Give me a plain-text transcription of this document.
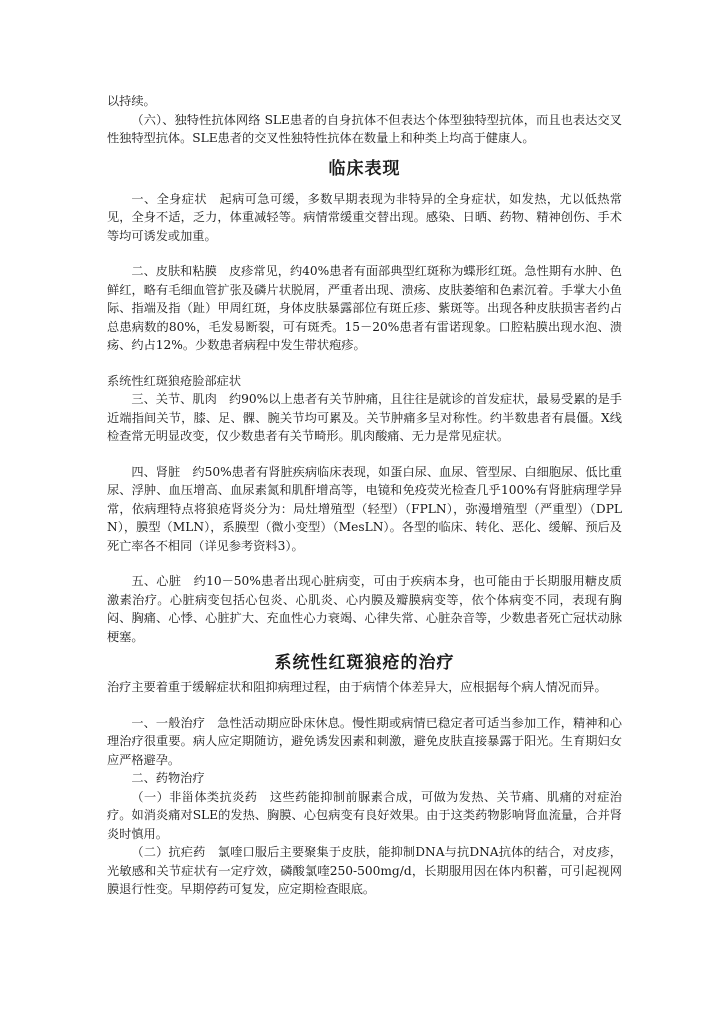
以持续。

（六）、独特性抗体网络 SLE患者的自身抗体不但表达个体型独特型抗体，而且也表达交叉性独特型抗体。SLE患者的交叉性独特性抗体在数量上和种类上均高于健康人。

临床表现

一、全身症状　起病可急可缓，多数早期表现为非特异的全身症状，如发热，尤以低热常见，全身不适，乏力，体重减轻等。病情常缓重交替出现。感染、日晒、药物、精神创伤、手术等均可诱发或加重。

二、皮肤和粘膜　皮疹常见，约40%患者有面部典型红斑称为蝶形红斑。急性期有水肿、色鲜红，略有毛细血管扩张及磷片状脱屑，严重者出现、溃疡、皮肤萎缩和色素沉着。手掌大小鱼际、指端及指（趾）甲周红斑，身体皮肤暴露部位有斑丘疹、紫斑等。出现各种皮肤损害者约占总患病数的80%，毛发易断裂，可有斑秃。15－20%患者有雷诺现象。口腔粘膜出现水泡、溃疡、约占12%。少数患者病程中发生带状疱疹。

系统性红斑狼疮脸部症状

三、关节、肌肉　约90%以上患者有关节肿痛，且往往是就诊的首发症状，最易受累的是手近端指间关节，膝、足、髁、腕关节均可累及。关节肿痛多呈对称性。约半数患者有晨僵。X线检查常无明显改变，仅少数患者有关节畸形。肌肉酸痛、无力是常见症状。

四、肾脏　约50%患者有肾脏疾病临床表现，如蛋白尿、血尿、管型尿、白细胞尿、低比重尿、浮肿、血压增高、血尿素氮和肌酐增高等，电镜和免疫荧光检查几乎100%有肾脏病理学异常，依病理特点将狼疮肾炎分为：局灶增殖型（轻型）（FPLN），弥漫增殖型（严重型）（DPLN），膜型（MLN），系膜型（微小变型）（MesLN）。各型的临床、转化、恶化、缓解、预后及死亡率各不相同（详见参考资料3）。

五、心脏　约10－50%患者出现心脏病变，可由于疾病本身，也可能由于长期服用糖皮质激素治疗。心脏病变包括心包炎、心肌炎、心内膜及瓣膜病变等，依个体病变不同，表现有胸闷、胸痛、心悸、心脏扩大、充血性心力衰竭、心律失常、心脏杂音等，少数患者死亡冠状动脉梗塞。

系统性红斑狼疮的治疗

治疗主要着重于缓解症状和阻抑病理过程，由于病情个体差异大，应根据每个病人情况而异。

一、一般治疗　急性活动期应卧床休息。慢性期或病情已稳定者可适当参加工作，精神和心理治疗很重要。病人应定期随访，避免诱发因素和刺激，避免皮肤直接暴露于阳光。生育期妇女应严格避孕。

二、药物治疗

（一）非甾体类抗炎药　这些药能抑制前脲素合成，可做为发热、关节痛、肌痛的对症治疗。如消炎痛对SLE的发热、胸膜、心包病变有良好效果。由于这类药物影响肾血流量，合并肾炎时慎用。

（二）抗疟药　氯喹口服后主要聚集于皮肤，能抑制DNA与抗DNA抗体的结合，对皮疹，光敏感和关节症状有一定疗效，磷酸氯喹250-500mg/d，长期服用因在体内积蓄，可引起视网膜退行性变。早期停药可复发，应定期检查眼底。
